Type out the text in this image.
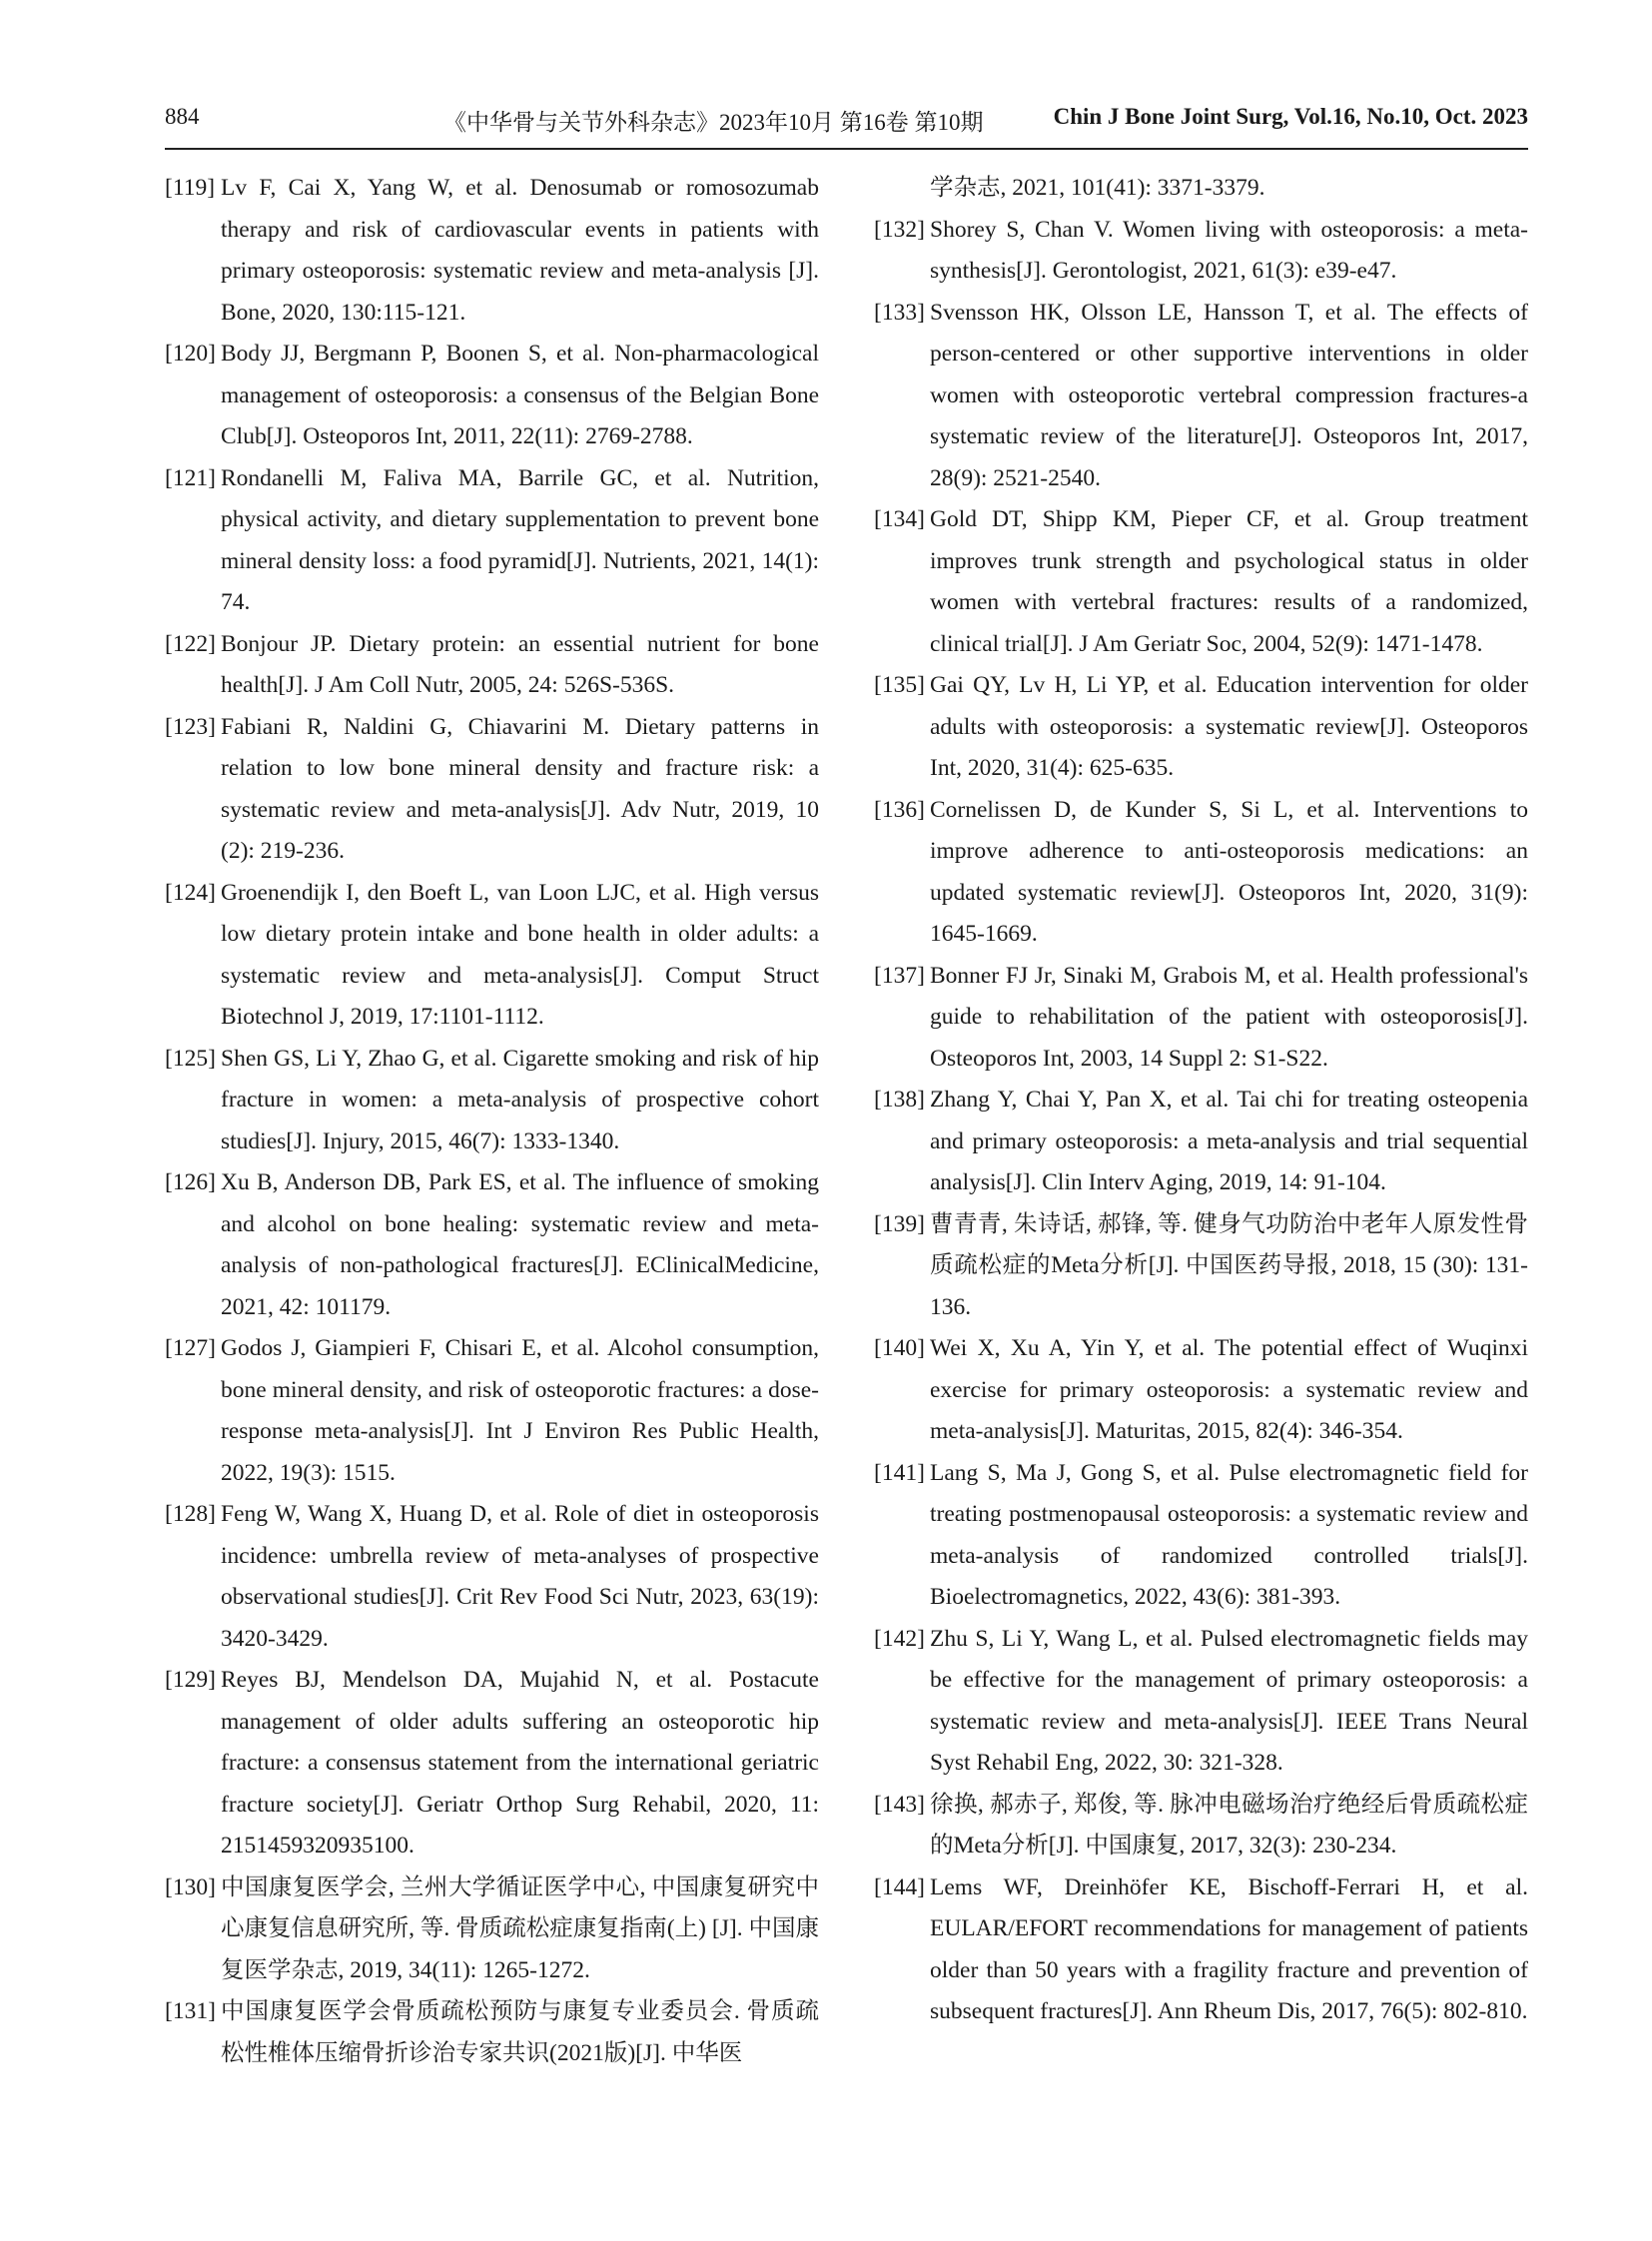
884	《中华骨与关节外科杂志》2023年10月 第16卷 第10期	Chin J Bone Joint Surg, Vol.16, No.10, Oct. 2023
[119] Lv F, Cai X, Yang W, et al. Denosumab or romosozumab therapy and risk of cardiovascular events in patients with primary osteoporosis: systematic review and meta-analysis [J]. Bone, 2020, 130:115-121.
[120] Body JJ, Bergmann P, Boonen S, et al. Non-pharmacological management of osteoporosis: a consensus of the Belgian Bone Club[J]. Osteoporos Int, 2011, 22(11): 2769-2788.
[121] Rondanelli M, Faliva MA, Barrile GC, et al. Nutrition, physical activity, and dietary supplementation to prevent bone mineral density loss: a food pyramid[J]. Nutrients, 2021, 14(1): 74.
[122] Bonjour JP. Dietary protein: an essential nutrient for bone health[J]. J Am Coll Nutr, 2005, 24: 526S-536S.
[123] Fabiani R, Naldini G, Chiavarini M. Dietary patterns in relation to low bone mineral density and fracture risk: a systematic review and meta-analysis[J]. Adv Nutr, 2019, 10 (2): 219-236.
[124] Groenendijk I, den Boeft L, van Loon LJC, et al. High versus low dietary protein intake and bone health in older adults: a systematic review and meta-analysis[J]. Comput Struct Biotechnol J, 2019, 17:1101-1112.
[125] Shen GS, Li Y, Zhao G, et al. Cigarette smoking and risk of hip fracture in women: a meta-analysis of prospective cohort studies[J]. Injury, 2015, 46(7): 1333-1340.
[126] Xu B, Anderson DB, Park ES, et al. The influence of smoking and alcohol on bone healing: systematic review and meta-analysis of non-pathological fractures[J]. EClinicalMedicine, 2021, 42: 101179.
[127] Godos J, Giampieri F, Chisari E, et al. Alcohol consumption, bone mineral density, and risk of osteoporotic fractures: a dose-response meta-analysis[J]. Int J Environ Res Public Health, 2022, 19(3): 1515.
[128] Feng W, Wang X, Huang D, et al. Role of diet in osteoporosis incidence: umbrella review of meta-analyses of prospective observational studies[J]. Crit Rev Food Sci Nutr, 2023, 63(19): 3420-3429.
[129] Reyes BJ, Mendelson DA, Mujahid N, et al. Postacute management of older adults suffering an osteoporotic hip fracture: a consensus statement from the international geriatric fracture society[J]. Geriatr Orthop Surg Rehabil, 2020, 11: 2151459320935100.
[130] 中国康复医学会, 兰州大学循证医学中心, 中国康复研究中心康复信息研究所, 等. 骨质疏松症康复指南(上) [J]. 中国康复医学杂志, 2019, 34(11): 1265-1272.
[131] 中国康复医学会骨质疏松预防与康复专业委员会. 骨质疏松性椎体压缩骨折诊治专家共识(2021版)[J]. 中华医
学杂志, 2021, 101(41): 3371-3379.
[132] Shorey S, Chan V. Women living with osteoporosis: a meta-synthesis[J]. Gerontologist, 2021, 61(3): e39-e47.
[133] Svensson HK, Olsson LE, Hansson T, et al. The effects of person-centered or other supportive interventions in older women with osteoporotic vertebral compression fractures-a systematic review of the literature[J]. Osteoporos Int, 2017, 28(9): 2521-2540.
[134] Gold DT, Shipp KM, Pieper CF, et al. Group treatment improves trunk strength and psychological status in older women with vertebral fractures: results of a randomized, clinical trial[J]. J Am Geriatr Soc, 2004, 52(9): 1471-1478.
[135] Gai QY, Lv H, Li YP, et al. Education intervention for older adults with osteoporosis: a systematic review[J]. Osteoporos Int, 2020, 31(4): 625-635.
[136] Cornelissen D, de Kunder S, Si L, et al. Interventions to improve adherence to anti-osteoporosis medications: an updated systematic review[J]. Osteoporos Int, 2020, 31(9): 1645-1669.
[137] Bonner FJ Jr, Sinaki M, Grabois M, et al. Health professional's guide to rehabilitation of the patient with osteoporosis[J]. Osteoporos Int, 2003, 14 Suppl 2: S1-S22.
[138] Zhang Y, Chai Y, Pan X, et al. Tai chi for treating osteopenia and primary osteoporosis: a meta-analysis and trial sequential analysis[J]. Clin Interv Aging, 2019, 14: 91-104.
[139] 曹青青, 朱诗话, 郝锋, 等. 健身气功防治中老年人原发性骨质疏松症的Meta分析[J]. 中国医药导报, 2018, 15 (30): 131-136.
[140] Wei X, Xu A, Yin Y, et al. The potential effect of Wuqinxi exercise for primary osteoporosis: a systematic review and meta-analysis[J]. Maturitas, 2015, 82(4): 346-354.
[141] Lang S, Ma J, Gong S, et al. Pulse electromagnetic field for treating postmenopausal osteoporosis: a systematic review and meta-analysis of randomized controlled trials[J]. Bioelectromagnetics, 2022, 43(6): 381-393.
[142] Zhu S, Li Y, Wang L, et al. Pulsed electromagnetic fields may be effective for the management of primary osteoporosis: a systematic review and meta-analysis[J]. IEEE Trans Neural Syst Rehabil Eng, 2022, 30: 321-328.
[143] 徐换, 郝赤子, 郑俊, 等. 脉冲电磁场治疗绝经后骨质疏松症的Meta分析[J]. 中国康复, 2017, 32(3): 230-234.
[144] Lems WF, Dreinhöfer KE, Bischoff-Ferrari H, et al. EULAR/EFORT recommendations for management of patients older than 50 years with a fragility fracture and prevention of subsequent fractures[J]. Ann Rheum Dis, 2017, 76(5): 802-810.
